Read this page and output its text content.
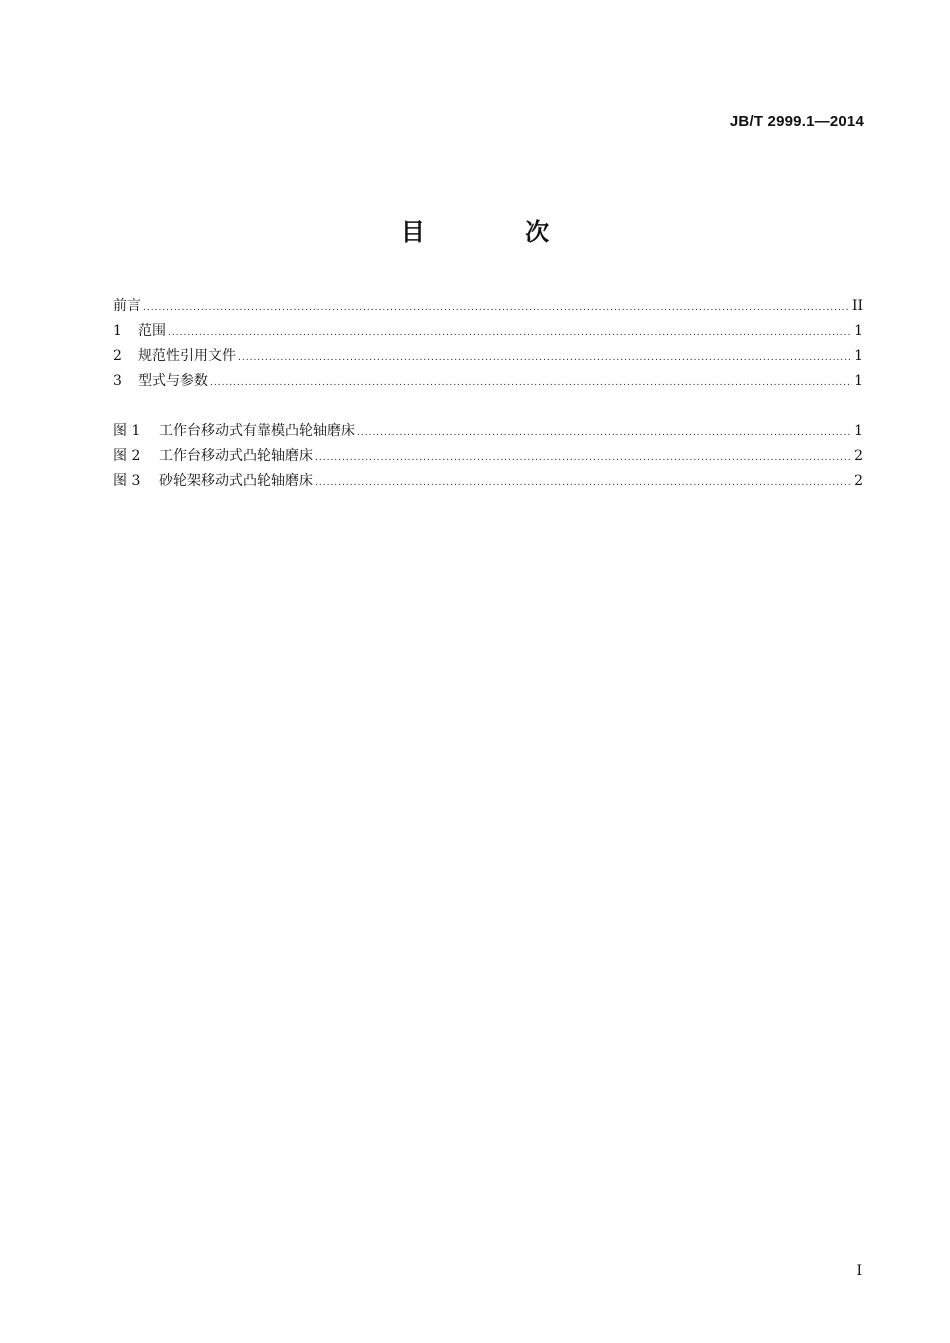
JB/T 2999.1—2014
目 次
前言 .....	II
1	范围 .....	1
2	规范性引用文件 .....	1
3	型式与参数 .....	1
图 1	工作台移动式有靠模凸轮轴磨床 .....	1
图 2	工作台移动式凸轮轴磨床 .....	2
图 3	砂轮架移动式凸轮轴磨床 .....	2
I
